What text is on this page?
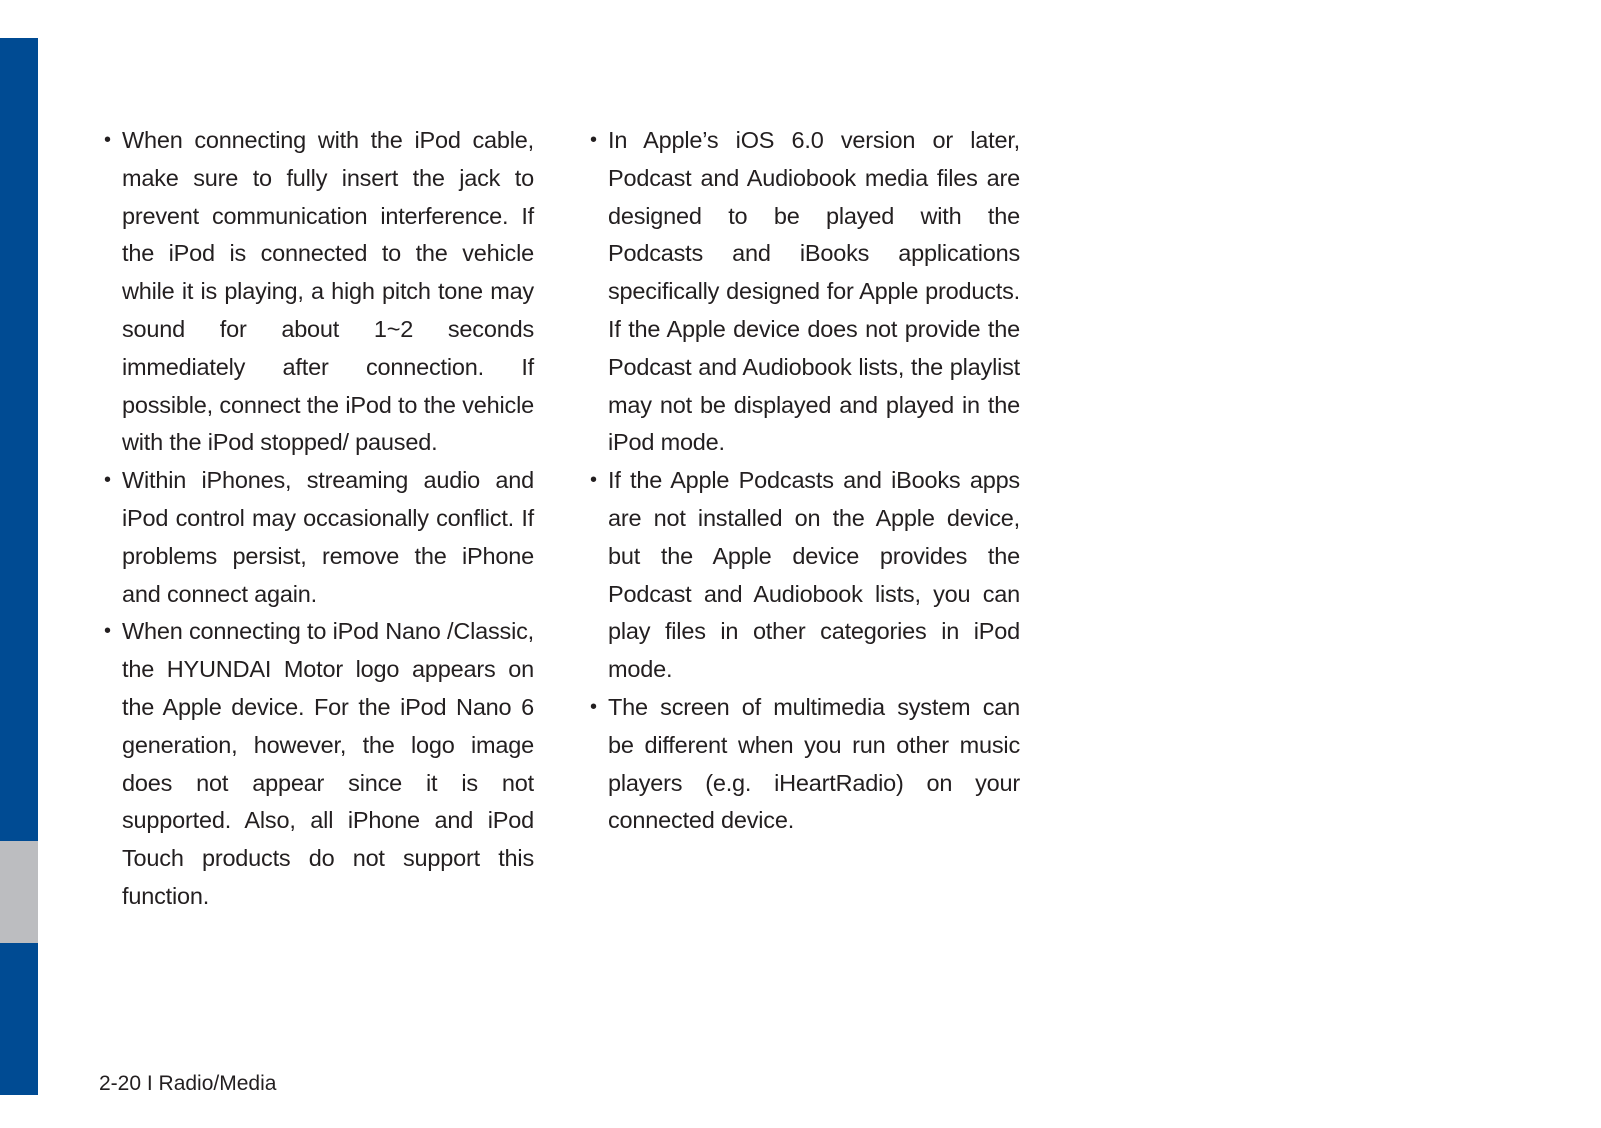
• When connecting with the iPod cable, make sure to fully insert the jack to prevent communication interference. If the iPod is connected to the vehicle while it is playing, a high pitch tone may sound for about 1~2 seconds immediately after connection. If possible, connect the iPod to the vehicle with the iPod stopped/ paused.
• Within iPhones, streaming audio and iPod control may occasionally conflict. If problems persist, remove the iPhone and connect again.
• When connecting to iPod Nano /Classic, the HYUNDAI Motor logo appears on the Apple device. For the iPod Nano 6 generation, however, the logo image does not appear since it is not supported. Also, all iPhone and iPod Touch products do not support this function.
• In Apple’s iOS 6.0 version or later, Podcast and Audiobook media files are designed to be played with the Podcasts and iBooks applications specifically designed for Apple products. If the Apple device does not provide the Podcast and Audiobook lists, the playlist may not be displayed and played in the iPod mode.
• If the Apple Podcasts and iBooks apps are not installed on the Apple device, but the Apple device provides the Podcast and Audiobook lists, you can play files in other categories in iPod mode.
• The screen of multimedia system can be different when you run other music players (e.g. iHeartRadio) on your connected device.
2-20 I Radio/Media
